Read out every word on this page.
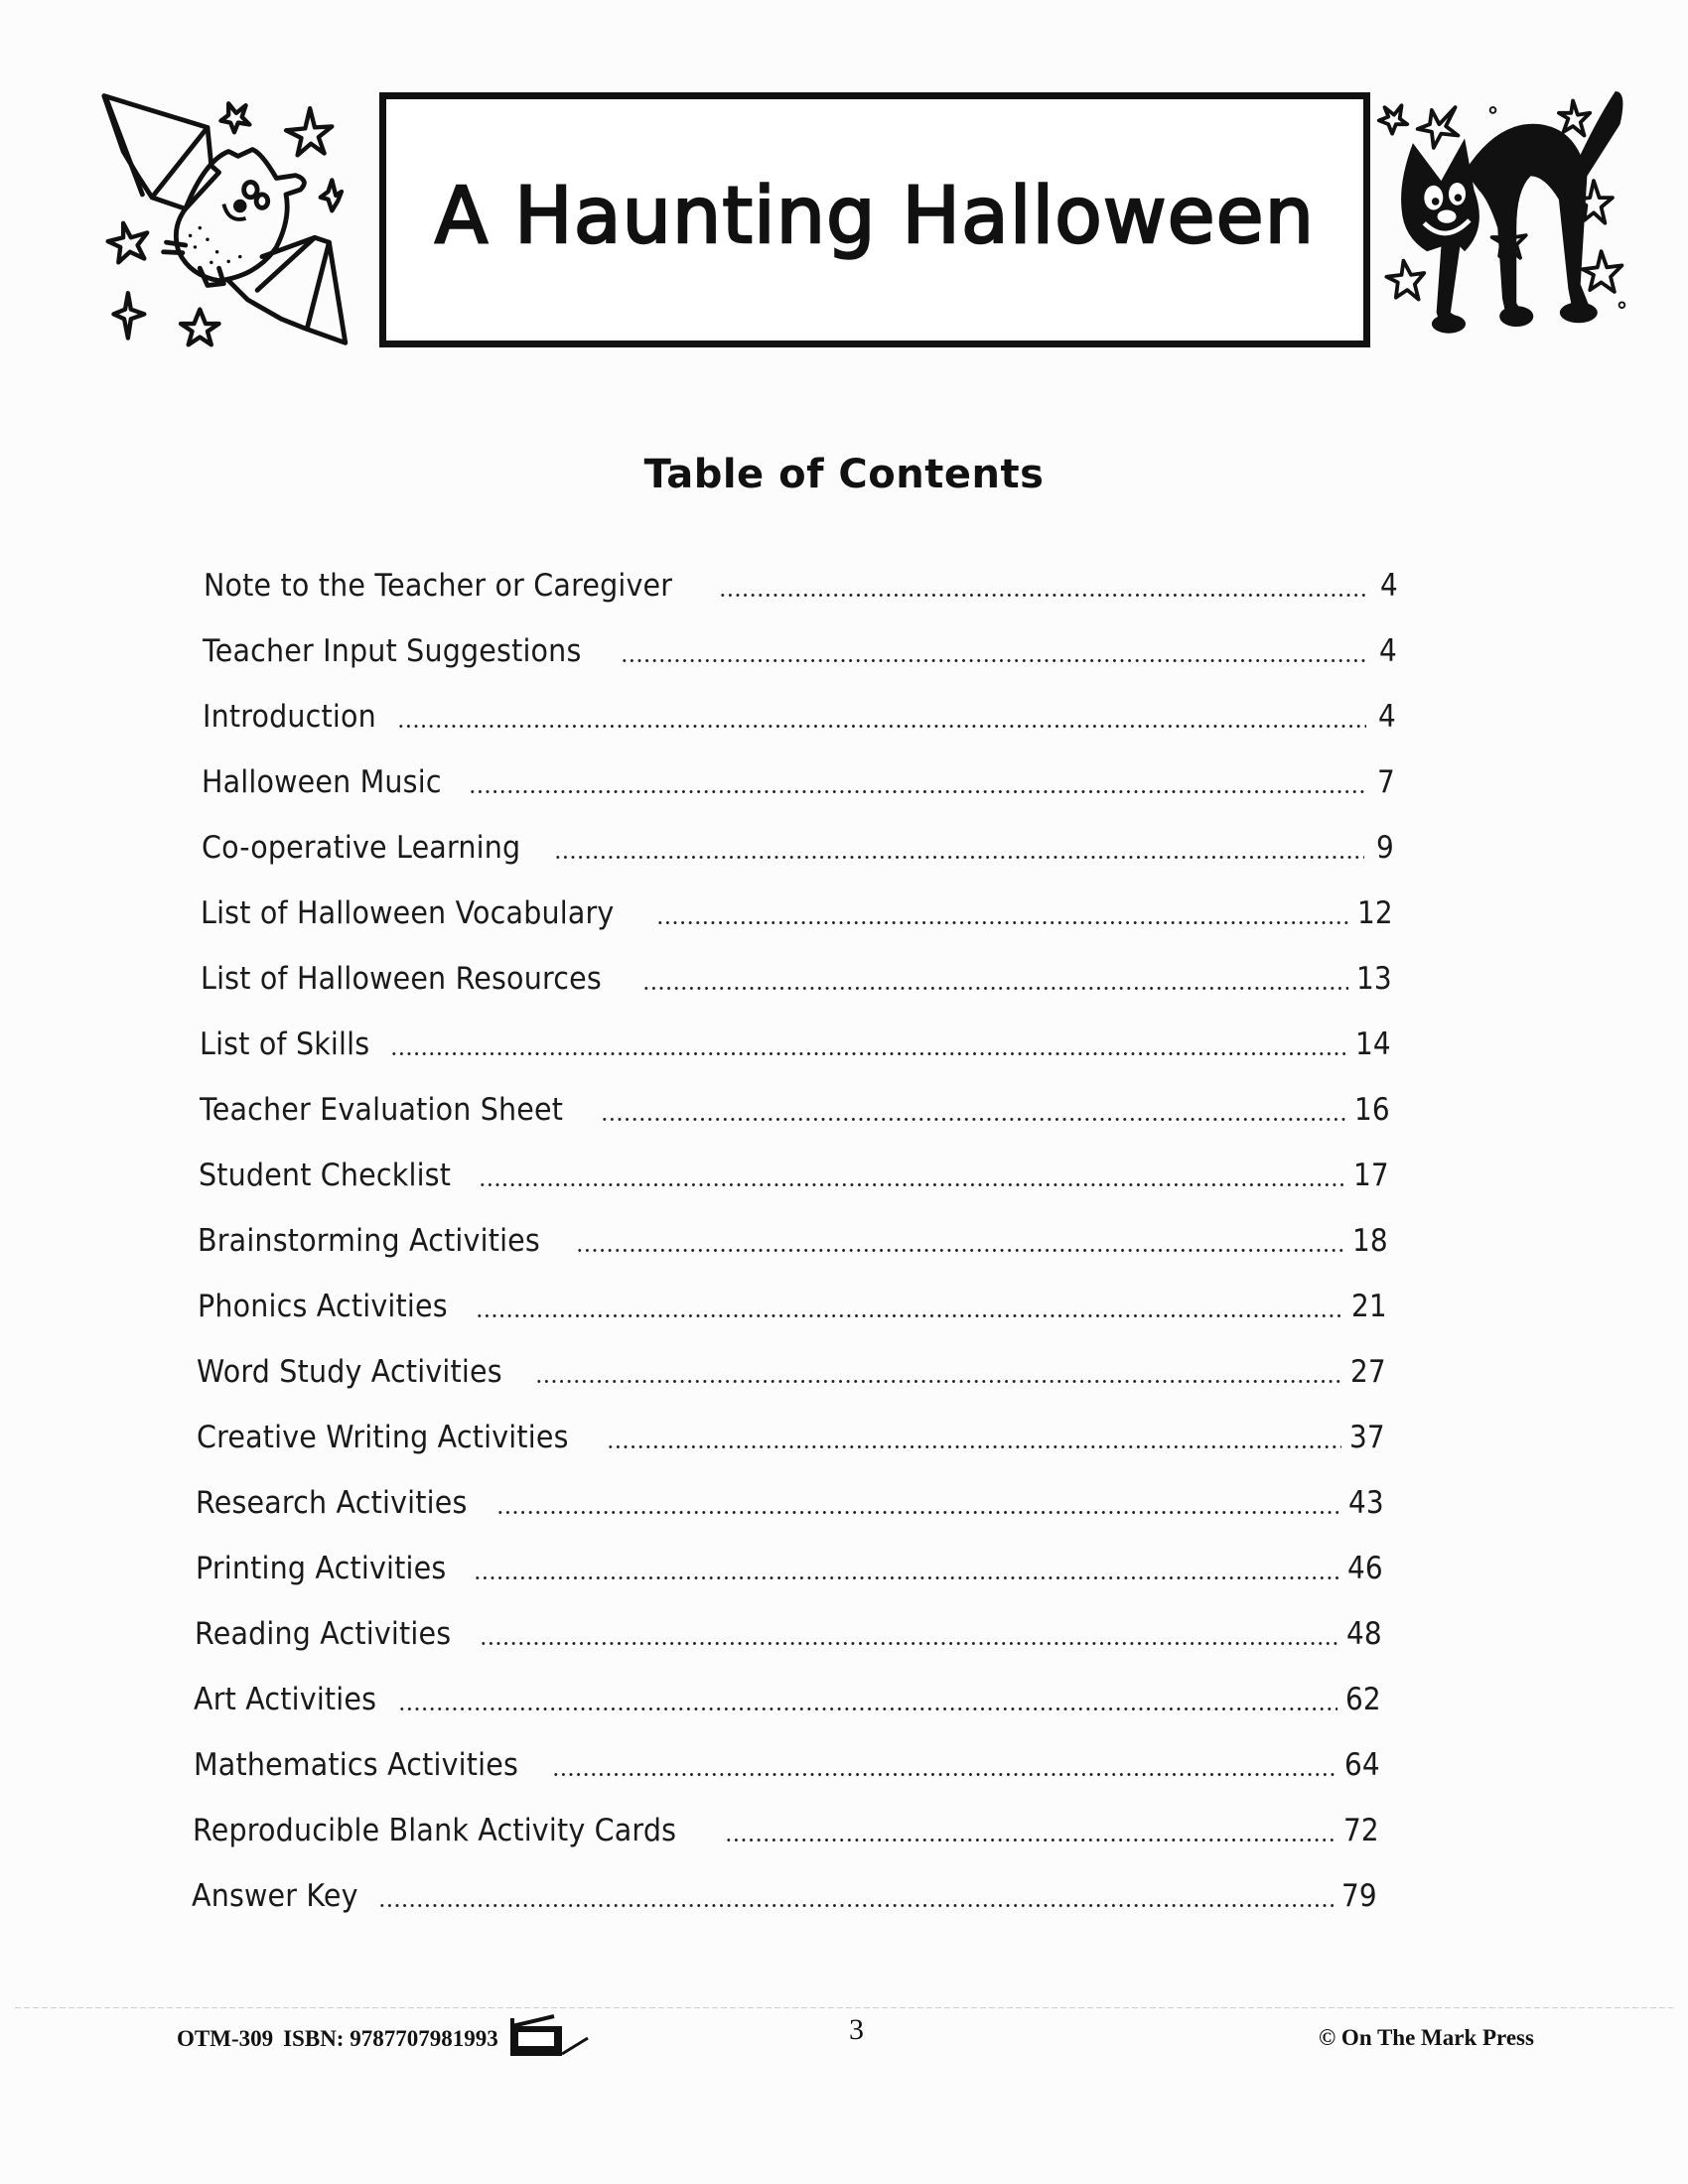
A Haunting Halloween
Table of Contents
Note to the Teacher or Caregiver	4
Teacher Input Suggestions	4
Introduction	4
Halloween Music	7
Co-operative Learning	9
List of Halloween Vocabulary	12
List of Halloween Resources	13
List of Skills	14
Teacher Evaluation Sheet	16
Student Checklist	17
Brainstorming Activities	18
Phonics Activities	21
Word Study Activities	27
Creative Writing Activities	37
Research Activities	43
Printing Activities	46
Reading Activities	48
Art Activities	62
Mathematics Activities	64
Reproducible Blank Activity Cards	72
Answer Key	79
OTM-309 ISBN: 9787707981993	3	© On The Mark Press
